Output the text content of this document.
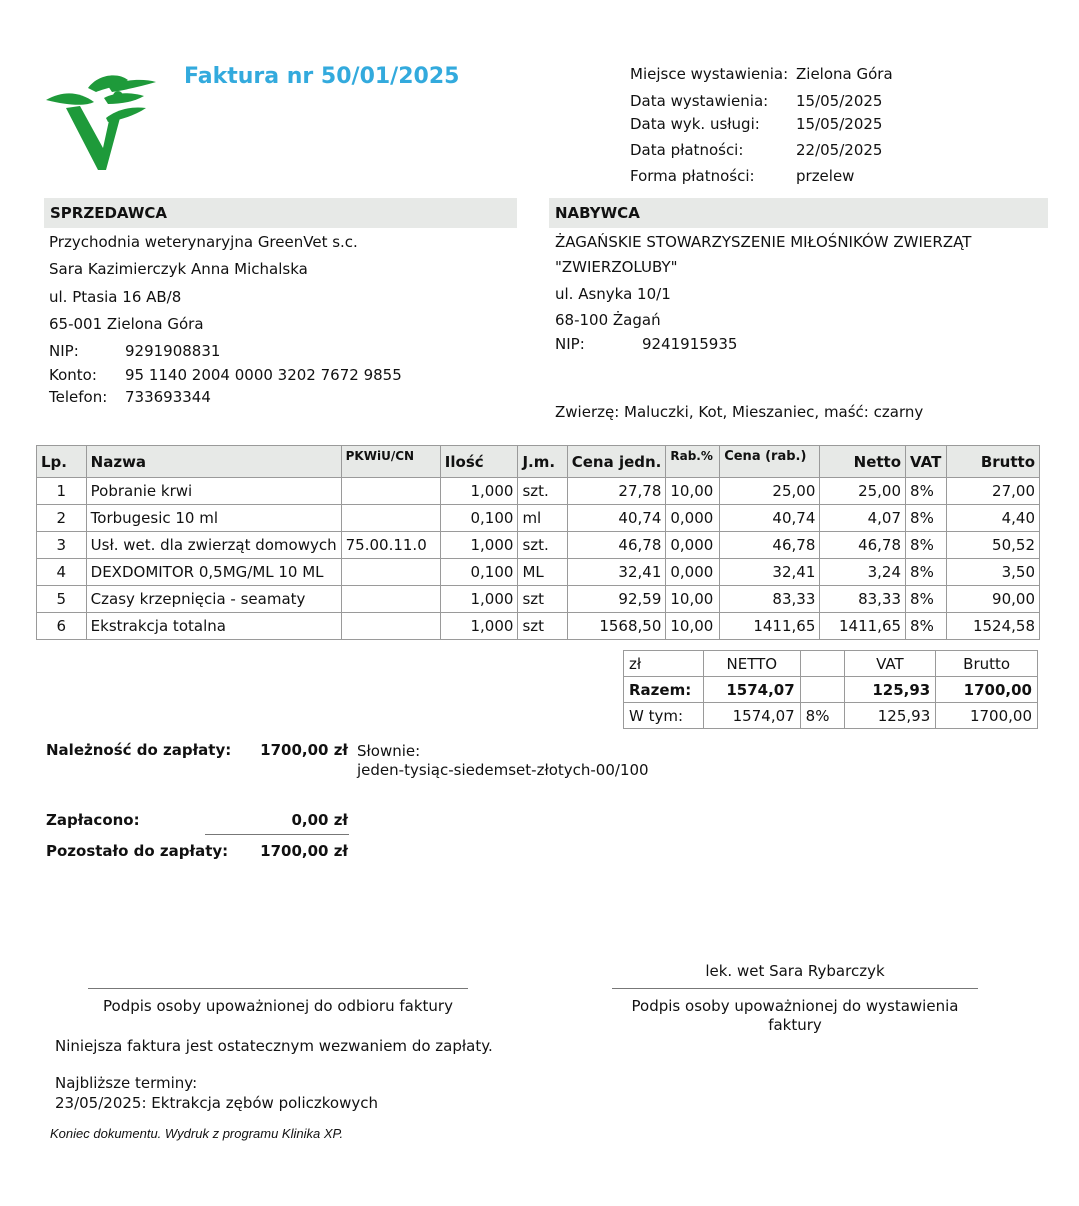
Faktura nr 50/01/2025	Miejsce wystawienia: Zielona Góra
Data wystawienia: 15/05/2025
Data wyk. usługi: 15/05/2025
Data płatności:	22/05/2025
Forma płatności:	przelew
SPRZEDAWCA
Przychodnia weterynaryjna GreenVet s.c.
Sara Kazimierczyk Anna Michalska
ul. Ptasia 16 AB/8
65-001 Zielona Góra
NIP:	9291908831
Konto: 95 1140 2004 0000 3202 7672 9855
Telefon: 733693344
NABYWCA
ŻAGAŃSKIE STOWARZYSZENIE MIŁOŚNIKÓW ZWIERZĄT
"ZWIERZOLUBY"
ul. Asnyka 10/1
68-100 Żagań
NIP:	9241915935
Zwierzę: Maluczki, Kot, Mieszaniec, maść: czarny
Lp.	Nazwa	PKWiU/CN	Ilość	J.m.	Cena jedn.	Rab.%	Cena (rab.)	Netto	VAT	Brutto
1	Pobranie krwi		1,000	szt.	27,78	10,00	25,00	25,00	8%	27,00
2	Torbugesic 10 ml		0,100	ml	40,74	0,000	40,74	4,07	8%	4,40
3	Usł. wet. dla zwierząt domowych	75.00.11.0	1,000	szt.	46,78	0,000	46,78	46,78	8%	50,52
4	DEXDOMITOR 0,5MG/ML 10 ML		0,100	ML	32,41	0,000	32,41	3,24	8%	3,50
5	Czasy krzepnięcia - seamaty		1,000	szt	92,59	10,00	83,33	83,33	8%	90,00
6	Ekstrakcja totalna		1,000	szt	1568,50	10,00	1411,65	1411,65	8%	1524,58
zł	NETTO		VAT	Brutto
Razem:	1574,07		125,93	1700,00
W tym:	1574,07	8%	125,93	1700,00
Należność do zapłaty:	1700,00 zł Słownie:
jeden-tysiąc-siedemset-złotych-00/100
Zapłacono:	0,00 zł
Pozostało do zapłaty:	1700,00 zł
lek. wet Sara Rybarczyk
Podpis osoby upoważnionej do odbioru faktury	Podpis osoby upoważnionej do wystawienia
faktury
Niniejsza faktura jest ostatecznym wezwaniem do zapłaty.
Najbliższe terminy:
23/05/2025: Ektrakcja zębów policzkowych
Koniec dokumentu. Wydruk z programu Klinika XP.
